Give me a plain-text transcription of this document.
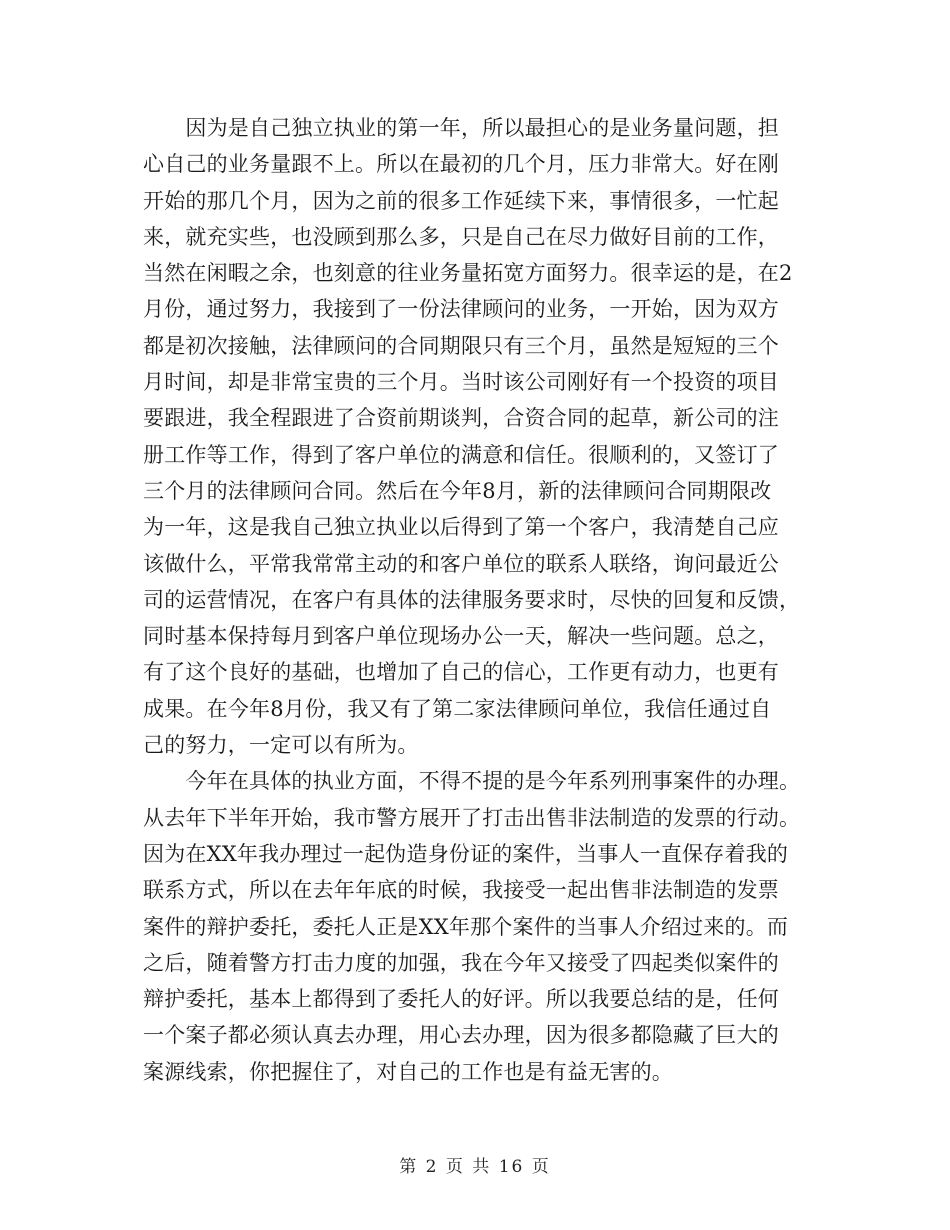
　　因为是自己独立执业的第一年，所以最担心的是业务量问题，担
心自己的业务量跟不上。所以在最初的几个月，压力非常大。好在刚
开始的那几个月，因为之前的很多工作延续下来，事情很多，一忙起
来，就充实些，也没顾到那么多，只是自己在尽力做好目前的工作，
当然在闲暇之余，也刻意的往业务量拓宽方面努力。很幸运的是，在2
月份，通过努力，我接到了一份法律顾问的业务，一开始，因为双方
都是初次接触，法律顾问的合同期限只有三个月，虽然是短短的三个
月时间，却是非常宝贵的三个月。当时该公司刚好有一个投资的项目
要跟进，我全程跟进了合资前期谈判，合资合同的起草，新公司的注
册工作等工作，得到了客户单位的满意和信任。很顺利的，又签订了
三个月的法律顾问合同。然后在今年8月，新的法律顾问合同期限改
为一年，这是我自己独立执业以后得到了第一个客户，我清楚自己应
该做什么，平常我常常主动的和客户单位的联系人联络，询问最近公
司的运营情况，在客户有具体的法律服务要求时，尽快的回复和反馈，
同时基本保持每月到客户单位现场办公一天，解决一些问题。总之，
有了这个良好的基础，也增加了自己的信心，工作更有动力，也更有
成果。在今年8月份，我又有了第二家法律顾问单位，我信任通过自
己的努力，一定可以有所为。
　　今年在具体的执业方面，不得不提的是今年系列刑事案件的办理。
从去年下半年开始，我市警方展开了打击出售非法制造的发票的行动。
因为在XX年我办理过一起伪造身份证的案件，当事人一直保存着我的
联系方式，所以在去年年底的时候，我接受一起出售非法制造的发票
案件的辩护委托，委托人正是XX年那个案件的当事人介绍过来的。而
之后，随着警方打击力度的加强，我在今年又接受了四起类似案件的
辩护委托，基本上都得到了委托人的好评。所以我要总结的是，任何
一个案子都必须认真去办理，用心去办理，因为很多都隐藏了巨大的
案源线索，你把握住了，对自己的工作也是有益无害的。
第 2 页 共 16 页
